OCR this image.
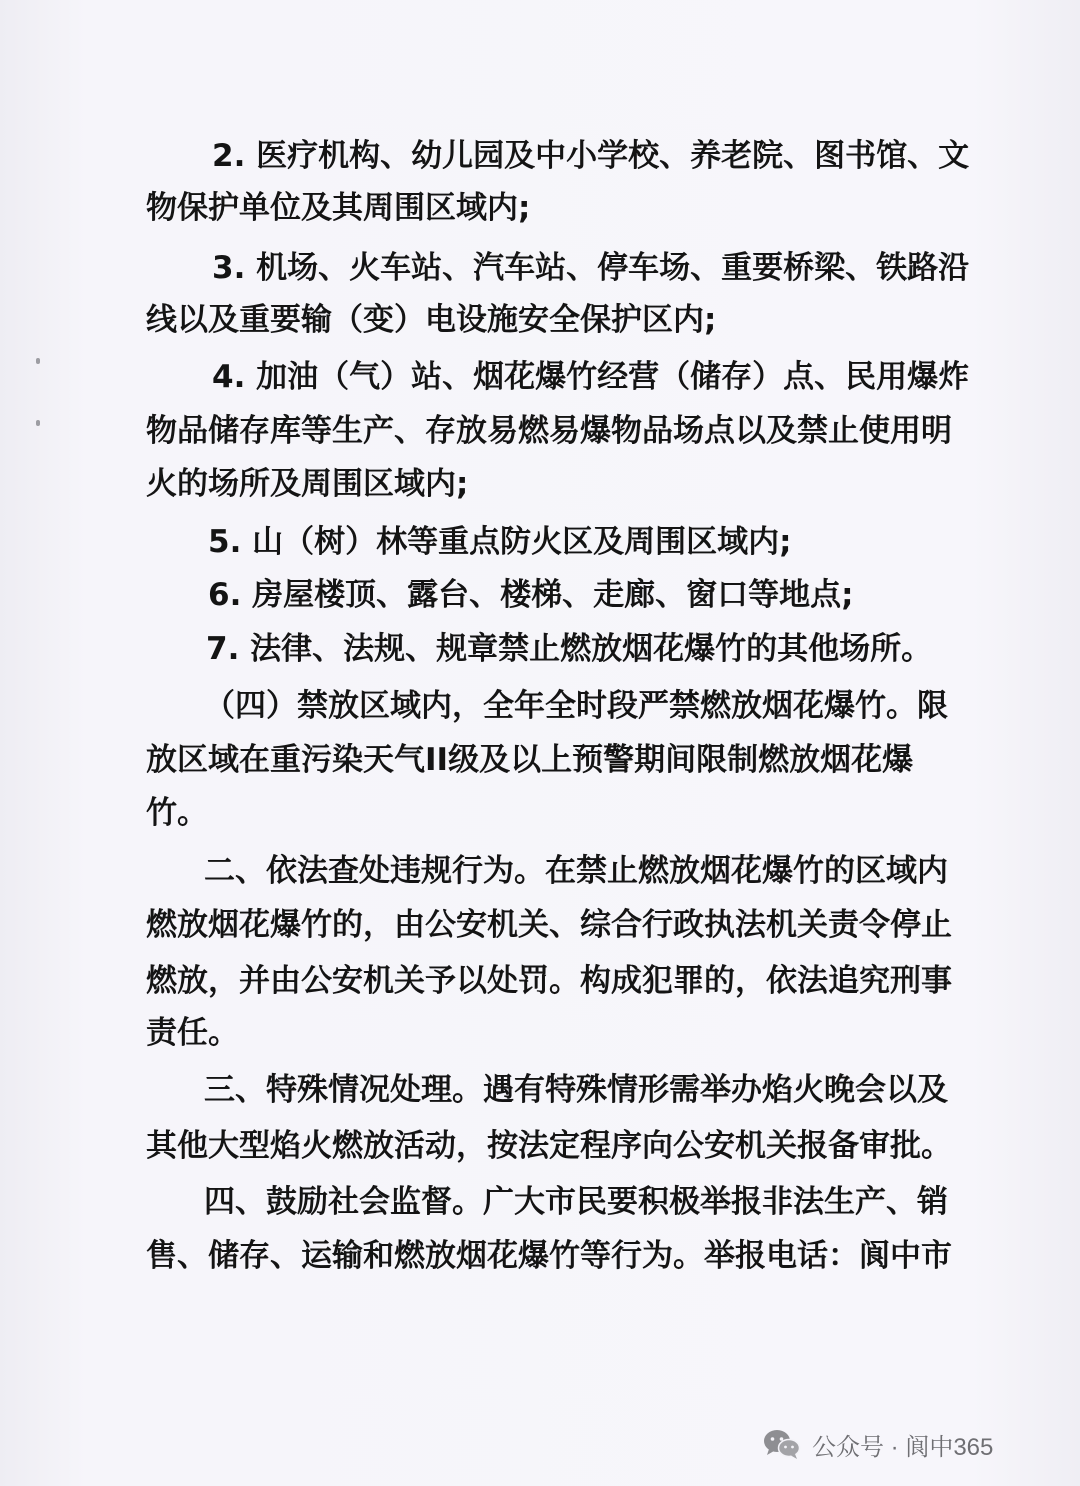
2. 医疗机构、幼儿园及中小学校、养老院、图书馆、文
物保护单位及其周围区域内;
3. 机场、火车站、汽车站、停车场、重要桥梁、铁路沿
线以及重要输（变）电设施安全保护区内;
4. 加油（气）站、烟花爆竹经营（储存）点、民用爆炸
物品储存库等生产、存放易燃易爆物品场点以及禁止使用明
火的场所及周围区域内;
5. 山（树）林等重点防火区及周围区域内;
6. 房屋楼顶、露台、楼梯、走廊、窗口等地点;
7. 法律、法规、规章禁止燃放烟花爆竹的其他场所。
（四）禁放区域内，全年全时段严禁燃放烟花爆竹。限
放区域在重污染天气II级及以上预警期间限制燃放烟花爆
竹。
二、依法查处违规行为。在禁止燃放烟花爆竹的区域内
燃放烟花爆竹的，由公安机关、综合行政执法机关责令停止
燃放，并由公安机关予以处罚。构成犯罪的，依法追究刑事
责任。
三、特殊情况处理。遇有特殊情形需举办焰火晚会以及
其他大型焰火燃放活动，按法定程序向公安机关报备审批。
四、鼓励社会监督。广大市民要积极举报非法生产、销
售、储存、运输和燃放烟花爆竹等行为。举报电话：阆中市
公众号 · 阆中365
